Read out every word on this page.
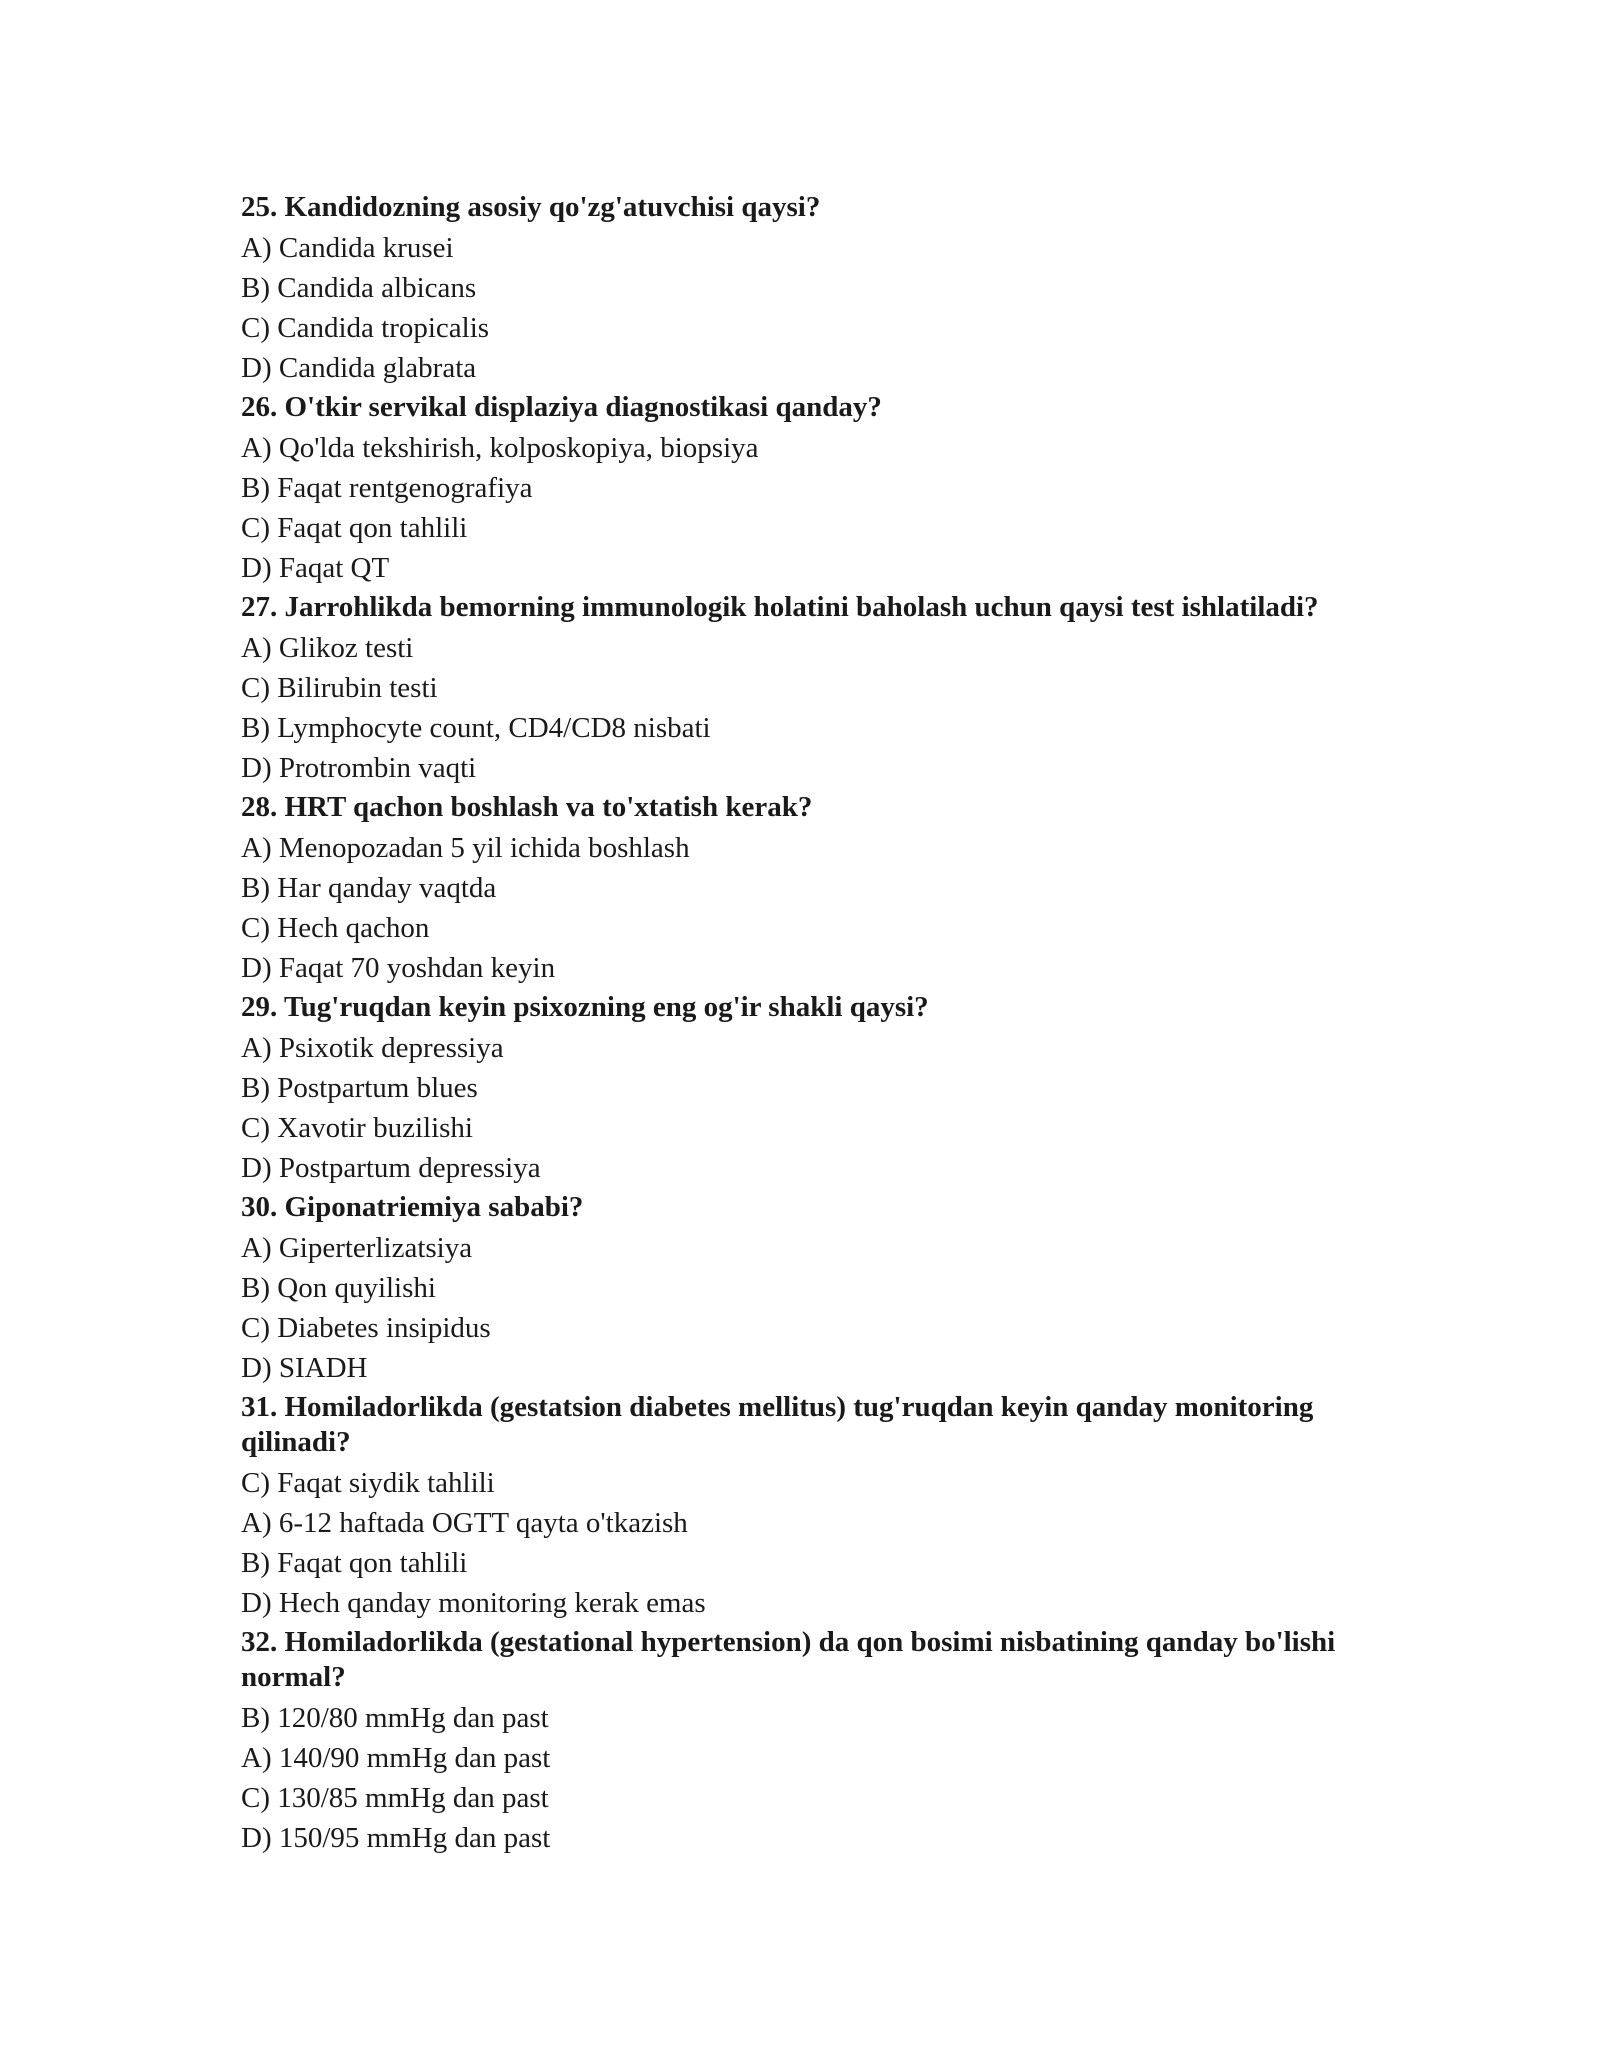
25. Kandidozning asosiy qo'zg'atuvchisi qaysi?

A) Candida krusei
B) Candida albicans
C) Candida tropicalis
D) Candida glabrata

26. O'tkir servikal displaziya diagnostikasi qanday?

A) Qo'lda tekshirish, kolposkopiya, biopsiya
B) Faqat rentgenografiya
C) Faqat qon tahlili
D) Faqat QT

27. Jarrohlikda bemorning immunologik holatini baholash uchun qaysi test ishlatiladi?

A) Glikoz testi
C) Bilirubin testi
B) Lymphocyte count, CD4/CD8 nisbati
D) Protrombin vaqti

28. HRT qachon boshlash va to'xtatish kerak?

A) Menopozadan 5 yil ichida boshlash
B) Har qanday vaqtda
C) Hech qachon
D) Faqat 70 yoshdan keyin

29. Tug'ruqdan keyin psixozning eng og'ir shakli qaysi?

A) Psixotik depressiya
B) Postpartum blues
C) Xavotir buzilishi
D) Postpartum depressiya

30. Giponatriemiya sababi?

A) Giperterlizatsiya
B) Qon quyilishi
C) Diabetes insipidus
D) SIADH

31. Homiladorlikda (gestatsion diabetes mellitus) tug'ruqdan keyin qanday monitoring qilinadi?

C) Faqat siydik tahlili
A) 6-12 haftada OGTT qayta o'tkazish
B) Faqat qon tahlili
D) Hech qanday monitoring kerak emas

32. Homiladorlikda (gestational hypertension) da qon bosimi nisbatining qanday bo'lishi normal?

B) 120/80 mmHg dan past
A) 140/90 mmHg dan past
C) 130/85 mmHg dan past
D) 150/95 mmHg dan past
